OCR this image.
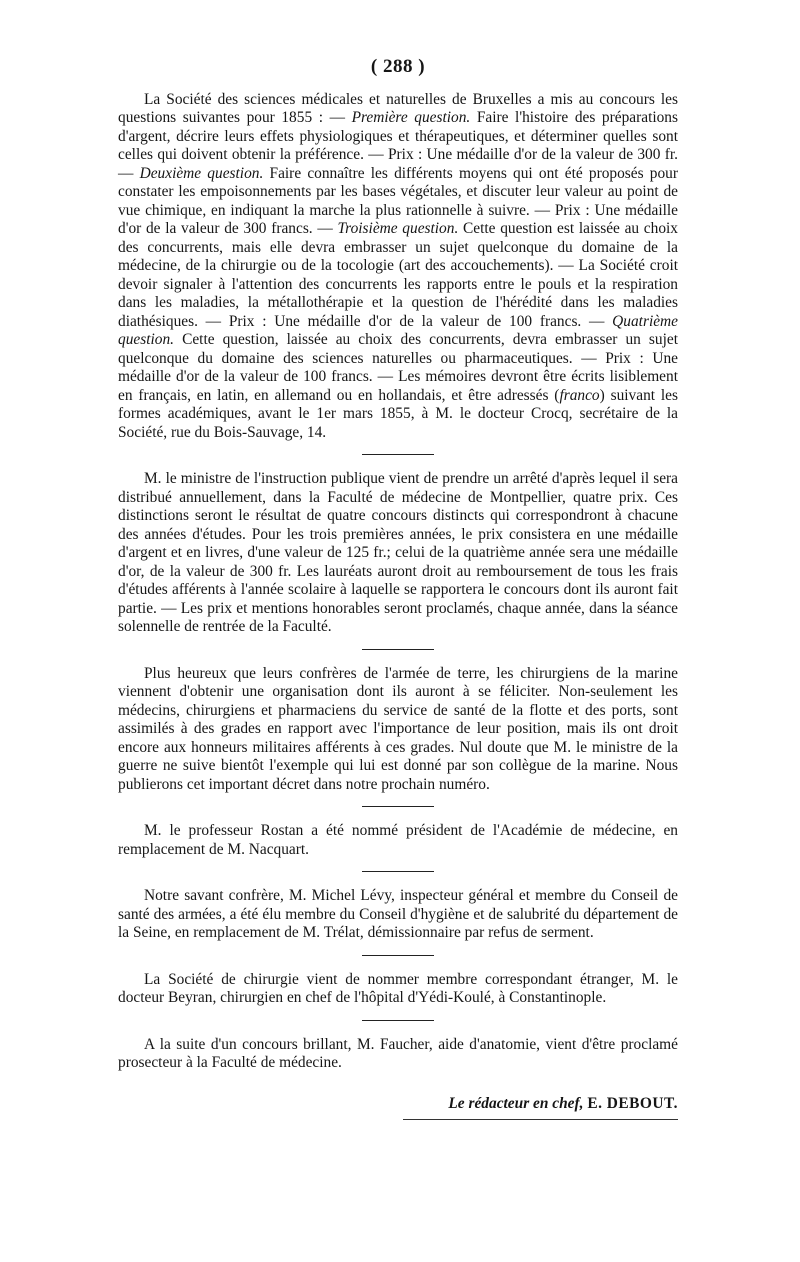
( 288 )

La Société des sciences médicales et naturelles de Bruxelles a mis au concours les questions suivantes pour 1855 : — Première question. Faire l'histoire des préparations d'argent, décrire leurs effets physiologiques et thérapeutiques, et déterminer quelles sont celles qui doivent obtenir la préférence. — Prix : Une médaille d'or de la valeur de 300 fr.— Deuxième question. Faire connaître les différents moyens qui ont été proposés pour constater les empoisonnements par les bases végétales, et discuter leur valeur au point de vue chimique, en indiquant la marche la plus rationnelle à suivre. — Prix : Une médaille d'or de la valeur de 300 francs. — Troisième question. Cette question est laissée au choix des concurrents, mais elle devra embrasser un sujet quelconque du domaine de la médecine, de la chirurgie ou de la tocologie (art des accouchements). — La Société croit devoir signaler à l'attention des concurrents les rapports entre le pouls et la respiration dans les maladies, la métallothérapie et la question de l'hérédité dans les maladies diathésiques. — Prix : Une médaille d'or de la valeur de 100 francs. — Quatrième question. Cette question, laissée au choix des concurrents, devra embrasser un sujet quelconque du domaine des sciences naturelles ou pharmaceutiques. — Prix : Une médaille d'or de la valeur de 100 francs. — Les mémoires devront être écrits lisiblement en français, en latin, en allemand ou en hollandais, et être adressés (franco) suivant les formes académiques, avant le 1er mars 1855, à M. le docteur Crocq, secrétaire de la Société, rue du Bois-Sauvage, 14.

M. le ministre de l'instruction publique vient de prendre un arrêté d'après lequel il sera distribué annuellement, dans la Faculté de médecine de Montpellier, quatre prix. Ces distinctions seront le résultat de quatre concours distincts qui correspondront à chacune des années d'études. Pour les trois premières années, le prix consistera en une médaille d'argent et en livres, d'une valeur de 125 fr.; celui de la quatrième année sera une médaille d'or, de la valeur de 300 fr. Les lauréats auront droit au remboursement de tous les frais d'études afférents à l'année scolaire à laquelle se rapportera le concours dont ils auront fait partie. — Les prix et mentions honorables seront proclamés, chaque année, dans la séance solennelle de rentrée de la Faculté.

Plus heureux que leurs confrères de l'armée de terre, les chirurgiens de la marine viennent d'obtenir une organisation dont ils auront à se féliciter. Non-seulement les médecins, chirurgiens et pharmaciens du service de santé de la flotte et des ports, sont assimilés à des grades en rapport avec l'importance de leur position, mais ils ont droit encore aux honneurs militaires afférents à ces grades. Nul doute que M. le ministre de la guerre ne suive bientôt l'exemple qui lui est donné par son collègue de la marine. Nous publierons cet important décret dans notre prochain numéro.

M. le professeur Rostan a été nommé président de l'Académie de médecine, en remplacement de M. Nacquart.

Notre savant confrère, M. Michel Lévy, inspecteur général et membre du Conseil de santé des armées, a été élu membre du Conseil d'hygiène et de salubrité du département de la Seine, en remplacement de M. Trélat, démissionnaire par refus de serment.

La Société de chirurgie vient de nommer membre correspondant étranger, M. le docteur Beyran, chirurgien en chef de l'hôpital d'Yédi-Koulé, à Constantinople.

A la suite d'un concours brillant, M. Faucher, aide d'anatomie, vient d'être proclamé prosecteur à la Faculté de médecine.

Le rédacteur en chef, E. DEBOUT.
